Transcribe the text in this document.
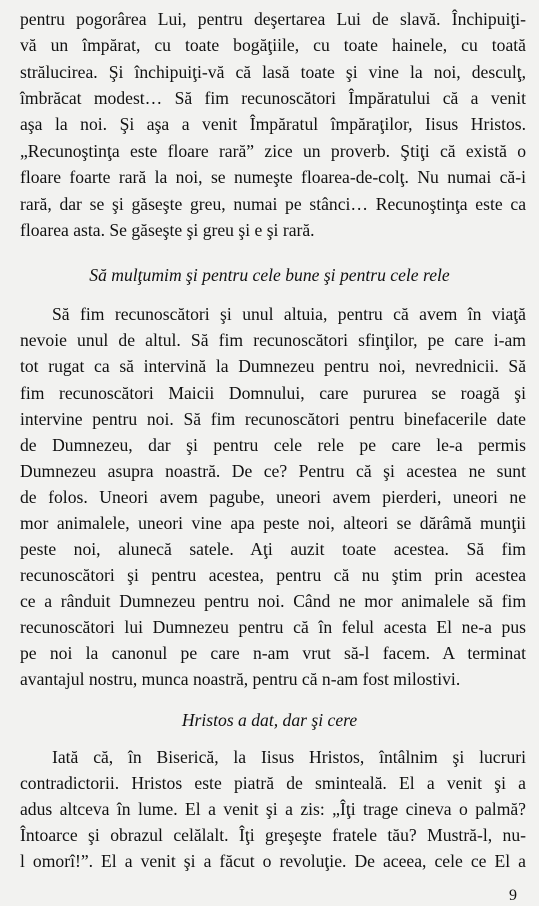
pentru pogorârea Lui, pentru deşertarea Lui de slavă. Închipuiţi-
vă un împărat, cu toate bogăţiile, cu toate hainele, cu toată
strălucirea. Şi închipuiţi-vă că lasă toate şi vine la noi, desculţ,
îmbrăcat modest… Să fim recunoscători Împăratului că a venit
aşa la noi. Şi aşa a venit Împăratul împăraţilor, Iisus Hristos.
„Recunoştinţa este floare rară” zice un proverb. Ştiţi că există o
floare foarte rară la noi, se numeşte floarea-de-colţ. Nu numai că-i
rară, dar se şi găseşte greu, numai pe stânci… Recunoştinţa este ca
floarea asta. Se găseşte şi greu şi e şi rară.
Să mulţumim şi pentru cele bune şi pentru cele rele
Să fim recunoscători şi unul altuia, pentru că avem în viaţă
nevoie unul de altul. Să fim recunoscători sfinţilor, pe care i-am
tot rugat ca să intervină la Dumnezeu pentru noi, nevrednicii. Să
fim recunoscători Maicii Domnului, care pururea se roagă şi
intervine pentru noi. Să fim recunoscători pentru binefacerile date
de Dumnezeu, dar şi pentru cele rele pe care le-a permis
Dumnezeu asupra noastră. De ce? Pentru că şi acestea ne sunt
de folos. Uneori avem pagube, uneori avem pierderi, uneori ne
mor animalele, uneori vine apa peste noi, alteori se dărâmă munţii
peste noi, alunecă satele. Aţi auzit toate acestea. Să fim
recunoscători şi pentru acestea, pentru că nu ştim prin acestea
ce a rânduit Dumnezeu pentru noi. Când ne mor animalele să fim
recunoscători lui Dumnezeu pentru că în felul acesta El ne-a pus
pe noi la canonul pe care n-am vrut să-l facem. A terminat
avantajul nostru, munca noastră, pentru că n-am fost milostivi.
Hristos a dat, dar şi cere
Iată că, în Biserică, la Iisus Hristos, întâlnim şi lucruri
contradictorii. Hristos este piatră de sminteală. El a venit şi a
adus altceva în lume. El a venit şi a zis: „Îţi trage cineva o palmă?
Întoarce şi obrazul celălalt. Îţi greşeşte fratele tău? Mustră-l, nu-
l omorî!”. El a venit şi a făcut o revoluţie. De aceea, cele ce El a
9
